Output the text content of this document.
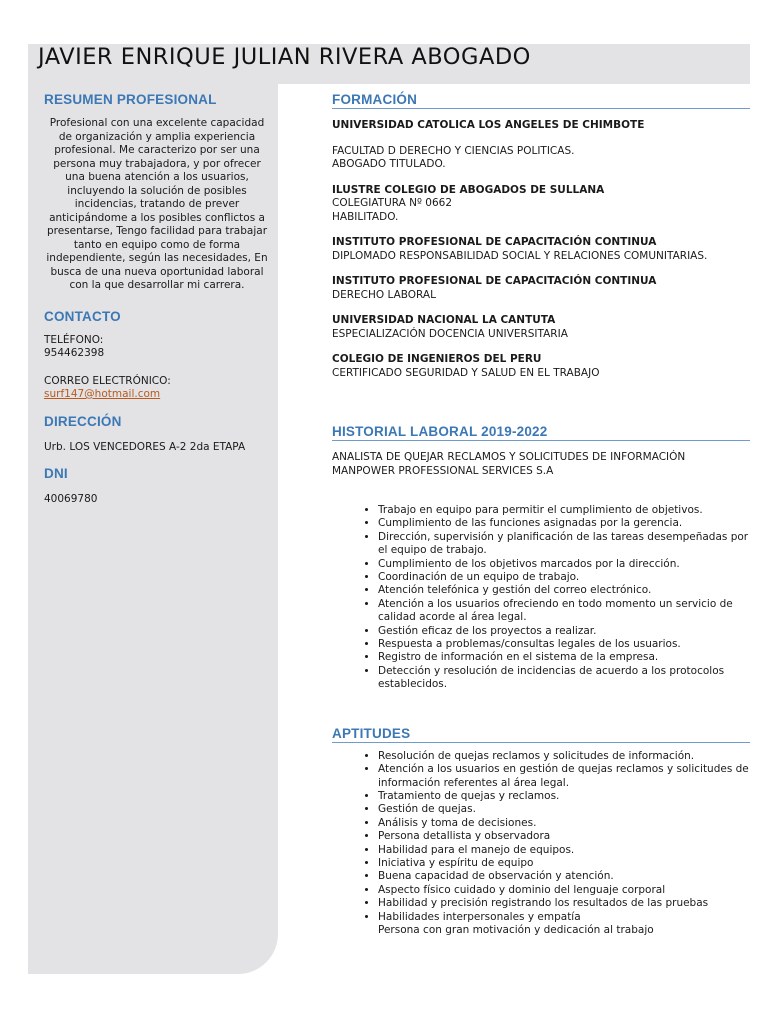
JAVIER ENRIQUE JULIAN RIVERA ABOGADO
RESUMEN PROFESIONAL

Profesional con una excelente capacidad de organización y amplia experiencia profesional. Me caracterizo por ser una persona muy trabajadora, y por ofrecer una buena atención a los usuarios, incluyendo la solución de posibles incidencias, tratando de prever anticipándome a los posibles conflictos a presentarse, Tengo facilidad para trabajar tanto en equipo como de forma independiente, según las necesidades, En busca de una nueva oportunidad laboral con la que desarrollar mi carrera.

CONTACTO

TELÉFONO:

954462398

CORREO ELECTRÓNICO:

surf147@hotmail.com

DIRECCIÓN

Urb. LOS VENCEDORES A-2 2da ETAPA

DNI

40069780

FORMACIÓN

UNIVERSIDAD CATOLICA LOS ANGELES DE CHIMBOTE

FACULTAD D DERECHO Y CIENCIAS POLITICAS.

ABOGADO TITULADO.

ILUSTRE COLEGIO DE ABOGADOS DE SULLANA

COLEGIATURA Nº 0662

HABILITADO.

INSTITUTO PROFESIONAL DE CAPACITACIÓN CONTINUA

DIPLOMADO RESPONSABILIDAD SOCIAL Y RELACIONES COMUNITARIAS.

INSTITUTO PROFESIONAL DE CAPACITACIÓN CONTINUA

DERECHO LABORAL

UNIVERSIDAD NACIONAL LA CANTUTA

ESPECIALIZACIÓN DOCENCIA UNIVERSITARIA

COLEGIO DE INGENIEROS DEL PERU

CERTIFICADO SEGURIDAD Y SALUD EN EL TRABAJO

HISTORIAL LABORAL 2019-2022

ANALISTA DE QUEJAR RECLAMOS Y SOLICITUDES DE INFORMACIÓN

MANPOWER PROFESSIONAL SERVICES S.A

• Trabajo en equipo para permitir el cumplimiento de objetivos.
• Cumplimiento de las funciones asignadas por la gerencia.
• Dirección, supervisión y planificación de las tareas desempeñadas por el equipo de trabajo.
• Cumplimiento de los objetivos marcados por la dirección.
• Coordinación de un equipo de trabajo.
• Atención telefónica y gestión del correo electrónico.
• Atención a los usuarios ofreciendo en todo momento un servicio de calidad acorde al área legal.
• Gestión eficaz de los proyectos a realizar.
• Respuesta a problemas/consultas legales de los usuarios.
• Registro de información en el sistema de la empresa.
• Detección y resolución de incidencias de acuerdo a los protocolos establecidos.
APTITUDES
• Resolución de quejas reclamos y solicitudes de información.
• Atención a los usuarios en gestión de quejas reclamos y solicitudes de información referentes al área legal.
• Tratamiento de quejas y reclamos.
• Gestión de quejas.
• Análisis y toma de decisiones.
• Persona detallista y observadora
• Habilidad para el manejo de equipos.
• Iniciativa y espíritu de equipo
• Buena capacidad de observación y atención.
• Aspecto físico cuidado y dominio del lenguaje corporal
• Habilidad y precisión registrando los resultados de las pruebas
• Habilidades interpersonales y empatía

Persona con gran motivación y dedicación al trabajo
